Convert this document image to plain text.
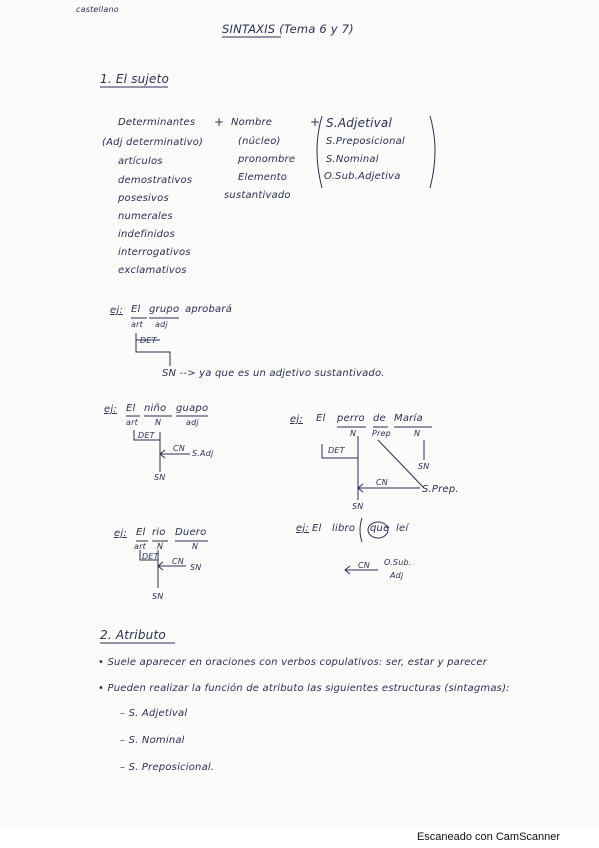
castellano
SINTAXIS (Tema 6 y 7)
1. El sujeto
Determinantes
(Adj determinativo)
artículos
demostrativos
posesivos
numerales
indefinidos
interrogativos
exclamativos
+ Nombre
(núcleo)
pronombre
Elemento
sustantivado
+ S.Adjetival
S.Preposicional
S.Nominal
O.Sub.Adjetiva
ej: El grupo aprobará
art adj
DET
SN --> ya que es un adjetivo sustantivado.
ej: El niño guapo
art N	adj
DET
CN
S.Adj
SN
ej: El perro de María
N Prep	N
DET
SN
CN
S.Prep.
SN
ej: El rio Duero
art N	N
DET
CN
SN
SN
ej: El libro que leí
CN O.Sub.
Adj
2. Atributo
• Suele aparecer en oraciones con verbos copulativos: ser, estar y parecer
• Pueden realizar la función de atributo las siguientes estructuras (sintagmas):
– S. Adjetival
– S. Nominal
– S. Preposicional.
Escaneado con CamScanner
